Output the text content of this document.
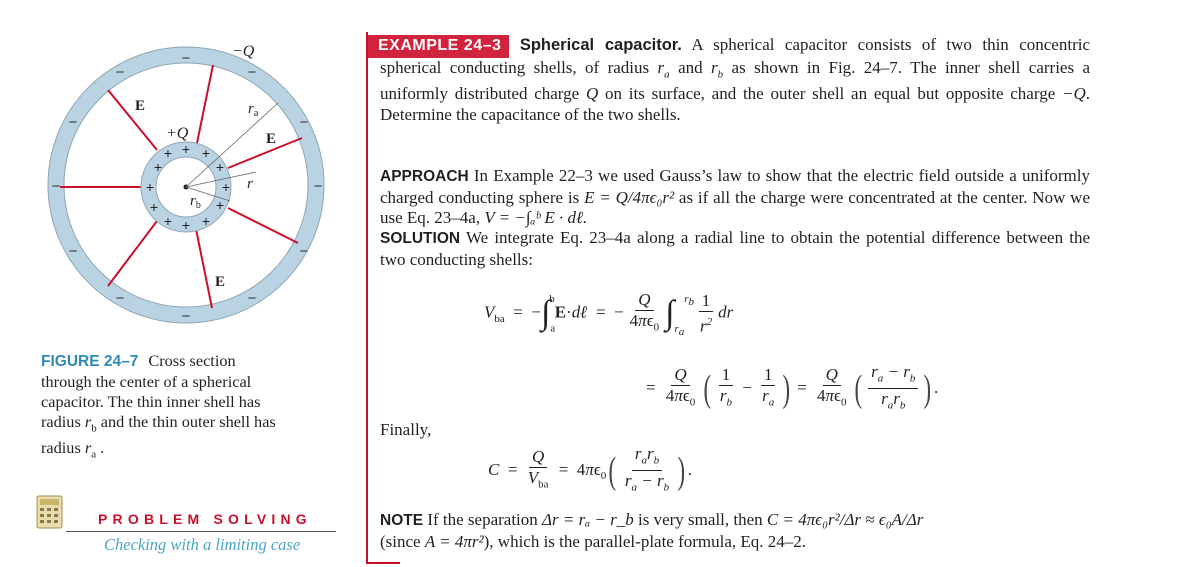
−
−	−
−	−
−	−
−	−
−	−
−
+ + +
+	+
+	+
+	+
+ + +
−Q
+Q
E
E
E
$r_a$
$r_b$
r
FIGURE 24–7 Cross section
through the center of a spherical
capacitor. The thin inner shell has
radius $r_b$ and the thin outer shell has
radius $r_a$ .
PROBLEM SOLVING
Checking with a limiting case
EXAMPLE 24–3 Spherical capacitor. A spherical capacitor consists of two thin concentric spherical conducting shells, of radius $r_a$ and $r_b$ as shown in Fig. 24–7. The inner shell carries a uniformly distributed charge Q on its surface, and the outer shell an equal but opposite charge −Q. Determine the capacitance of the two shells.
APPROACH In Example 22–3 we used Gauss’s law to show that the electric field outside a uniformly charged conducting sphere is E = Q/4πϵ₀r² as if all the charge were concentrated at the center. Now we use Eq. 23–4a, V = −∫ₐᵇ E · dℓ.
SOLUTION We integrate Eq. 23–4a along a radial line to obtain the potential difference between the two conducting shells:
$V_{ba}$  =  $-\int_a^bE\cdot d\ell$  =  − $\frac{Q}{4\pi\epsilon_0} \int_{r_a}^{r_b} \frac{1}{r^2}$ dr
= $\frac{Q}{4\pi\epsilon_0}$ ( $\frac{1}{r_b} - \frac{1}{r_a}$ ) = $\frac{Q}{4\pi\epsilon_0}$ ( $\frac{r_a - r_b}{r_ar_b}$ ) .
Finally,
$C = \frac{Q}{V_{ba}} = 4\pi\epsilon_0( \frac{r_ar_b}{r_a - r_b}$ ) .
NOTE If the separation Δr = rₐ − r_b is very small, then C = 4πϵ₀r²/Δr ≈ ϵ₀A/Δr
(since A = 4πr²), which is the parallel-plate formula, Eq. 24–2.
